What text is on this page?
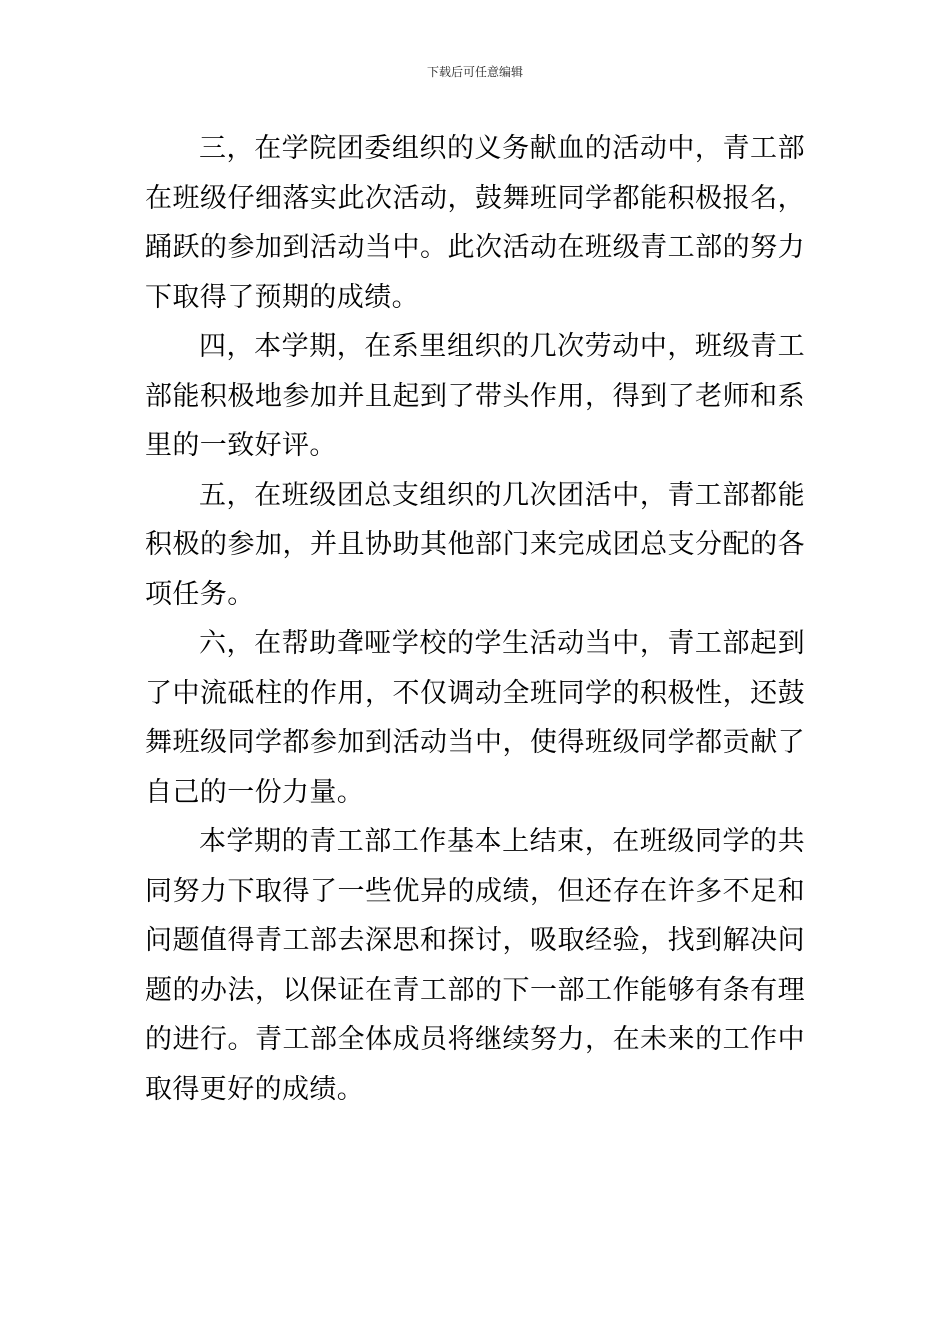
下载后可任意编辑

三，在学院团委组织的义务献血的活动中，青工部在班级仔细落实此次活动，鼓舞班同学都能积极报名，踊跃的参加到活动当中。此次活动在班级青工部的努力下取得了预期的成绩。

四，本学期，在系里组织的几次劳动中，班级青工部能积极地参加并且起到了带头作用，得到了老师和系里的一致好评。

五，在班级团总支组织的几次团活中，青工部都能积极的参加，并且协助其他部门来完成团总支分配的各项任务。

六，在帮助聋哑学校的学生活动当中，青工部起到了中流砥柱的作用，不仅调动全班同学的积极性，还鼓舞班级同学都参加到活动当中，使得班级同学都贡献了自己的一份力量。

本学期的青工部工作基本上结束，在班级同学的共同努力下取得了一些优异的成绩，但还存在许多不足和问题值得青工部去深思和探讨，吸取经验，找到解决问题的办法，以保证在青工部的下一部工作能够有条有理的进行。青工部全体成员将继续努力，在未来的工作中取得更好的成绩。
